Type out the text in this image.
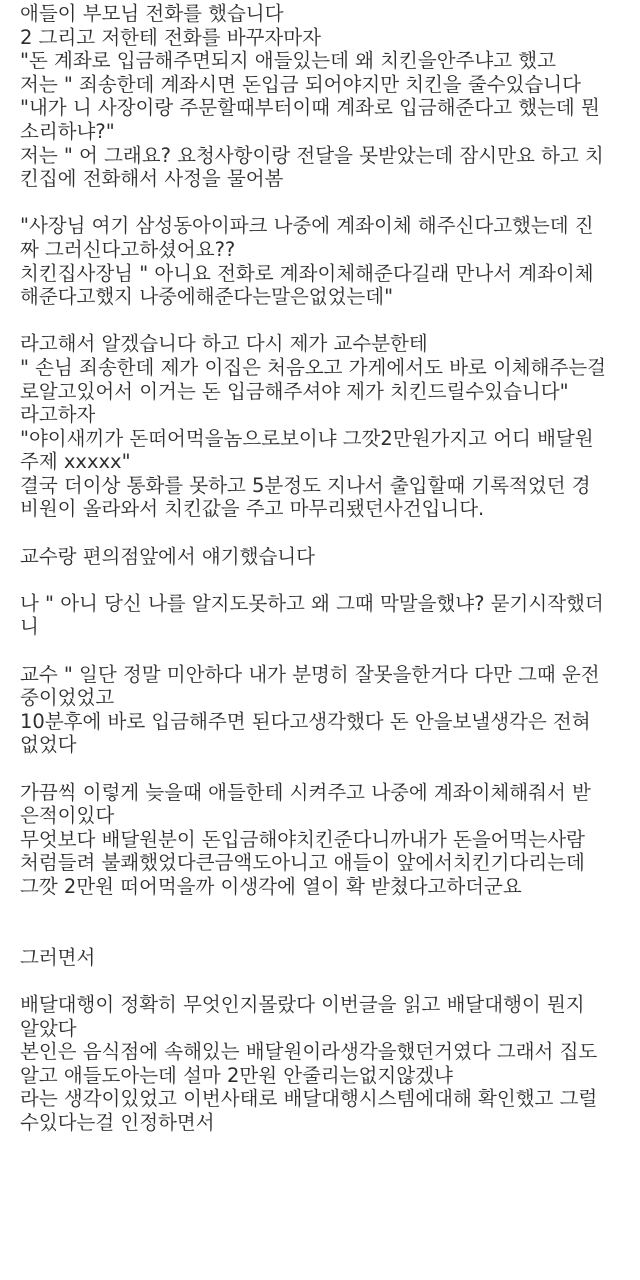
애들이 부모님 전화를 했습니다
2 그리고 저한테 전화를 바꾸자마자
"돈 계좌로 입금해주면되지 애들있는데 왜 치킨을안주냐고 했고
저는 " 죄송한데 계좌시면 돈입금 되어야지만 치킨을 줄수있습니다
"내가 니 사장이랑 주문할때부터이때 계좌로 입금해준다고 했는데 뭔
소리하냐?"
저는 " 어 그래요? 요청사항이랑 전달을 못받았는데 잠시만요 하고 치
킨집에 전화해서 사정을 물어봄
"사장님 여기 삼성동아이파크 나중에 계좌이체 해주신다고했는데 진
짜 그러신다고하셨어요??
치킨집사장님 " 아니요 전화로 계좌이체해준다길래 만나서 계좌이체
해준다고했지 나중에해준다는말은없었는데"
라고해서 알겠습니다 하고 다시 제가 교수분한테
" 손님 죄송한데 제가 이집은 처음오고 가게에서도 바로 이체해주는걸
로알고있어서 이거는 돈 입금해주셔야 제가 치킨드릴수있습니다"
라고하자
"야이새끼가 돈떠어먹을놈으로보이냐 그깟2만원가지고 어디 배달원
주제 xxxxx"
결국 더이상 통화를 못하고 5분정도 지나서 출입할때 기록적었던 경
비원이 올라와서 치킨값을 주고 마무리됐던사건입니다.
교수랑 편의점앞에서 얘기했습니다
나 " 아니 당신 나를 알지도못하고 왜 그때 막말을했냐? 묻기시작했더
니
교수 " 일단 정말 미안하다 내가 분명히 잘못을한거다 다만 그때 운전
중이었었고
10분후에 바로 입금해주면 된다고생각했다 돈 안을보낼생각은 전혀
없었다
가끔씩 이렇게 늦을때 애들한테 시켜주고 나중에 계좌이체해줘서 받
은적이있다
무엇보다 배달원분이 돈입금해야치킨준다니까내가 돈을어먹는사람
처럼들려 불쾌했었다큰금액도아니고 애들이 앞에서치킨기다리는데
그깟 2만원 떠어먹을까 이생각에 열이 확 받쳤다고하더군요
그러면서
배달대행이 정확히 무엇인지몰랐다 이번글을 읽고 배달대행이 뭔지
알았다
본인은 음식점에 속해있는 배달원이라생각을했던거였다 그래서 집도
알고 애들도아는데 설마 2만원 안줄리는없지않겠냐
라는 생각이있었고 이번사태로 배달대행시스템에대해 확인했고 그럴
수있다는걸 인정하면서
